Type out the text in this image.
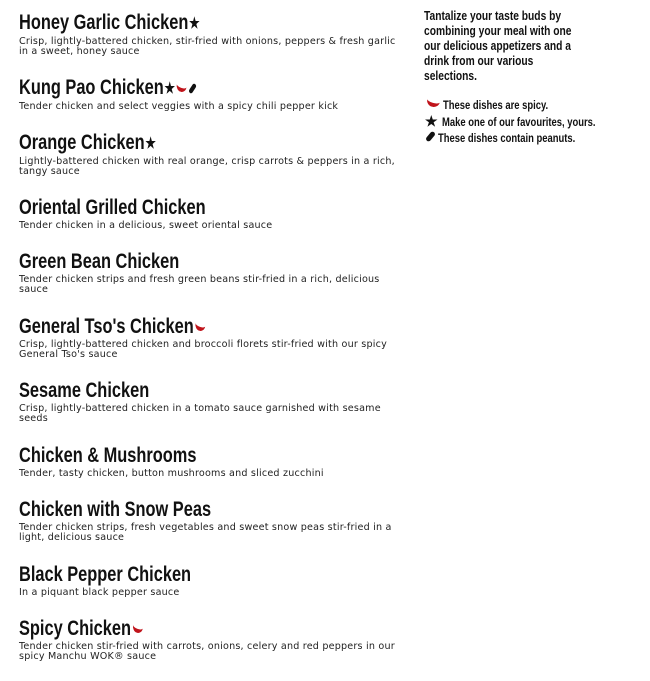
Honey Garlic Chicken★
Crisp, lightly-battered chicken, stir-fried with onions, peppers & fresh garlic in a sweet, honey sauce
Kung Pao Chicken★
Tender chicken and select veggies with a spicy chili pepper kick
Orange Chicken★
Lightly-battered chicken with real orange, crisp carrots & peppers in a rich, tangy sauce
Oriental Grilled Chicken
Tender chicken in a delicious, sweet oriental sauce
Green Bean Chicken
Tender chicken strips and fresh green beans stir-fried in a rich, delicious sauce
General Tso's Chicken
Crisp, lightly-battered chicken and broccoli florets stir-fried with our spicy General Tso's sauce
Sesame Chicken
Crisp, lightly-battered chicken in a tomato sauce garnished with sesame seeds
Chicken & Mushrooms
Tender, tasty chicken, button mushrooms and sliced zucchini
Chicken with Snow Peas
Tender chicken strips, fresh vegetables and sweet snow peas stir-fried in a light, delicious sauce
Black Pepper Chicken
In a piquant black pepper sauce
Spicy Chicken
Tender chicken stir-fried with carrots, onions, celery and red peppers in our spicy Manchu WOK® sauce
Tantalize your taste buds by combining your meal with one our delicious appetizers and a drink from our various selections.
These dishes are spicy.
★ Make one of our favourites, yours.
These dishes contain peanuts.
